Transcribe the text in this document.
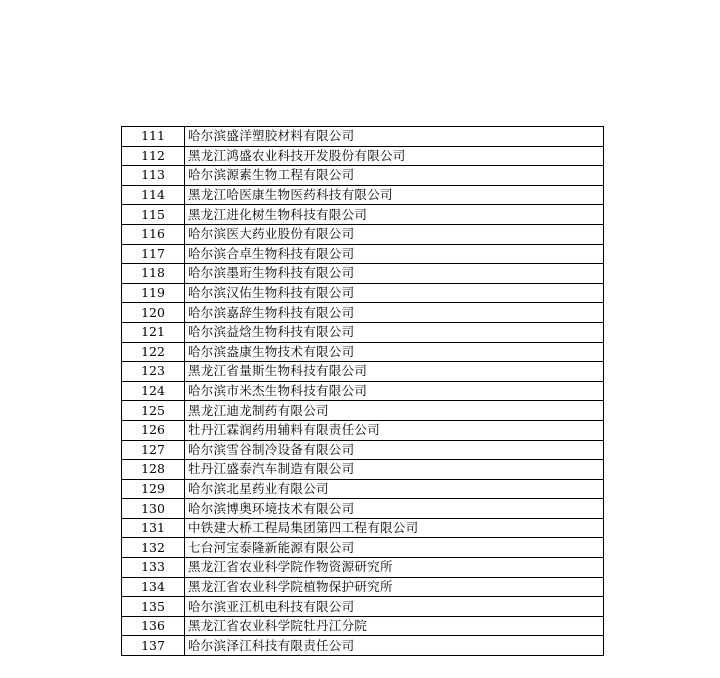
111	哈尔滨盛洋塑胶材料有限公司
112	黑龙江鸿盛农业科技开发股份有限公司
113	哈尔滨源素生物工程有限公司
114	黑龙江哈医康生物医药科技有限公司
115	黑龙江进化树生物科技有限公司
116	哈尔滨医大药业股份有限公司
117	哈尔滨合卓生物科技有限公司
118	哈尔滨墨珩生物科技有限公司
119	哈尔滨汉佑生物科技有限公司
120	哈尔滨嘉辞生物科技有限公司
121	哈尔滨益焓生物科技有限公司
122	哈尔滨盎康生物技术有限公司
123	黑龙江省量斯生物科技有限公司
124	哈尔滨市米杰生物科技有限公司
125	黑龙江迪龙制药有限公司
126	牡丹江霖润药用辅料有限责任公司
127	哈尔滨雪谷制冷设备有限公司
128	牡丹江盛泰汽车制造有限公司
129	哈尔滨北星药业有限公司
130	哈尔滨博奥环境技术有限公司
131	中铁建大桥工程局集团第四工程有限公司
132	七台河宝泰隆新能源有限公司
133	黑龙江省农业科学院作物资源研究所
134	黑龙江省农业科学院植物保护研究所
135	哈尔滨亚江机电科技有限公司
136	黑龙江省农业科学院牡丹江分院
137	哈尔滨泽江科技有限责任公司
